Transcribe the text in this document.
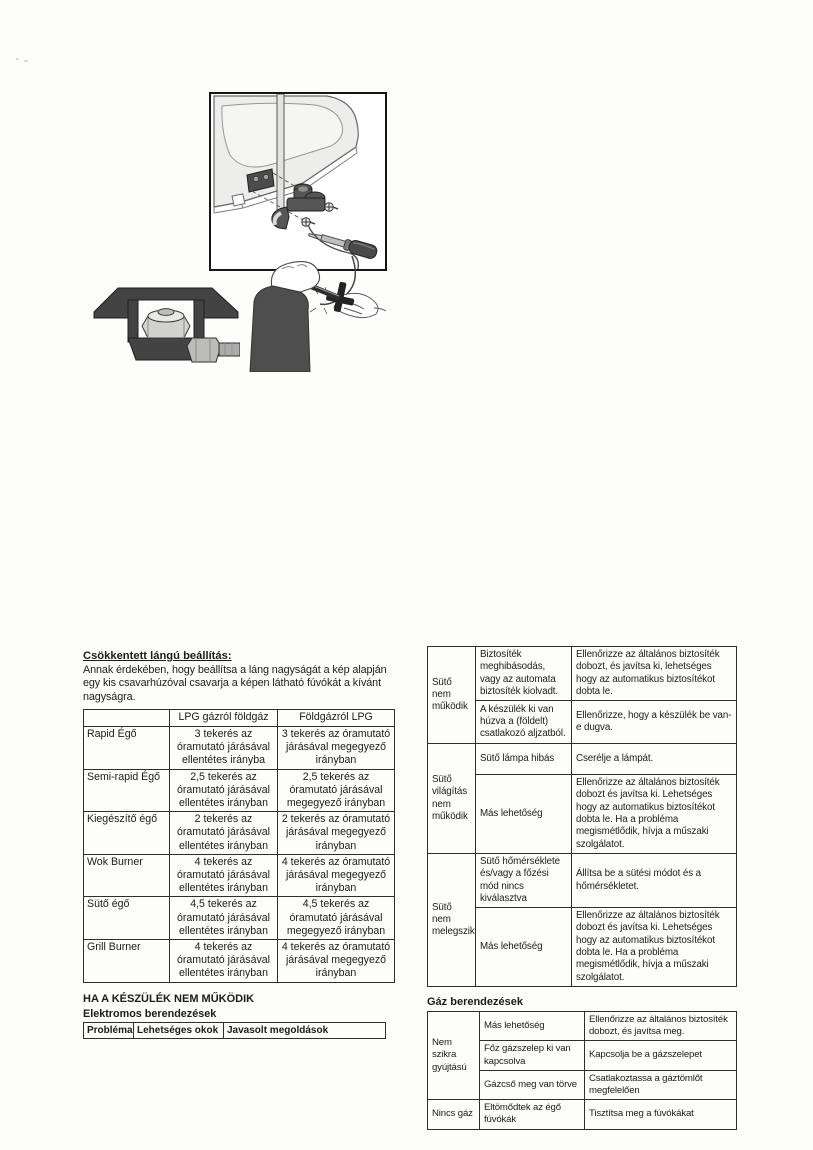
Csökkentett lángú beállítás:

Annak érdekében, hogy beállítsa a láng nagyságát a kép alapján egy kis csavarhúzóval csavarja a képen látható fúvókát a kívánt nagyságra.

	LPG gázról földgáz	Földgázról LPG
Rapid Égő	3 tekerés az óramutató járásával ellentétes irányba	3 tekerés az óramutató járásával megegyező irányban
Semi-rapid Égő	2,5 tekerés az óramutató járásával ellentétes irányban	2,5 tekerés az óramutató járásával megegyező irányban
Kiegészítő égő	2 tekerés az óramutató járásával ellentétes irányban	2 tekerés az óramutató járásával megegyező irányban
Wok Burner	4 tekerés az óramutató járásával ellentétes irányban	4 tekerés az óramutató járásával megegyező irányban
Sütő égő	4,5 tekerés az óramutató járásával ellentétes irányban	4,5 tekerés az óramutató járásával megegyező irányban
Grill Burner	4 tekerés az óramutató járásával ellentétes irányban	4 tekerés az óramutató járásával megegyező irányban
HA A KÉSZÜLÉK NEM MŰKÖDIK
Elektromos berendezések
Probléma	Lehetséges okok	Javasolt megoldások
Sütő nem működik	Biztosíték meghibásodás, vagy az automata biztosíték kiolvadt.	Ellenőrizze az általános biztosíték dobozt, és javítsa ki, lehetséges hogy az automatikus biztosítékot dobta le.
	A készülék ki van húzva a (földelt) csatlakozó aljzatból.	Ellenőrizze, hogy a készülék be van-e dugva.
Sütő világítás nem működik	Sütő lámpa hibás	Cserélje a lámpát.
	Más lehetőség	Ellenőrizze az általános biztosíték dobozt és javítsa ki. Lehetséges hogy az automatikus biztosítékot dobta le. Ha a probléma megismétlődik, hívja a műszaki szolgálatot.
Sütő nem melegszik	Sütő hőmérséklete és/vagy a főzési mód nincs kiválasztva	Állítsa be a sütési módot és a hőmérsékletet.
	Más lehetőség	Ellenőrizze az általános biztosíték dobozt és javítsa ki. Lehetséges hogy az automatikus biztosítékot dobta le. Ha a probléma megismétlődik, hívja a műszaki szolgálatot.
Gáz berendezések
Nem szikra gyújtású	Más lehetőség	Ellenőrizze az általános biztosíték dobozt, és javítsa meg.
	Főz gázszelep ki van kapcsolva	Kapcsolja be a gázszelepet
	Gázcső meg van törve	Csatlakoztassa a gáztömlőt megfelelően
Nincs gáz	Eltömődtek az égő fúvókák	Tisztítsa meg a fúvókákat
